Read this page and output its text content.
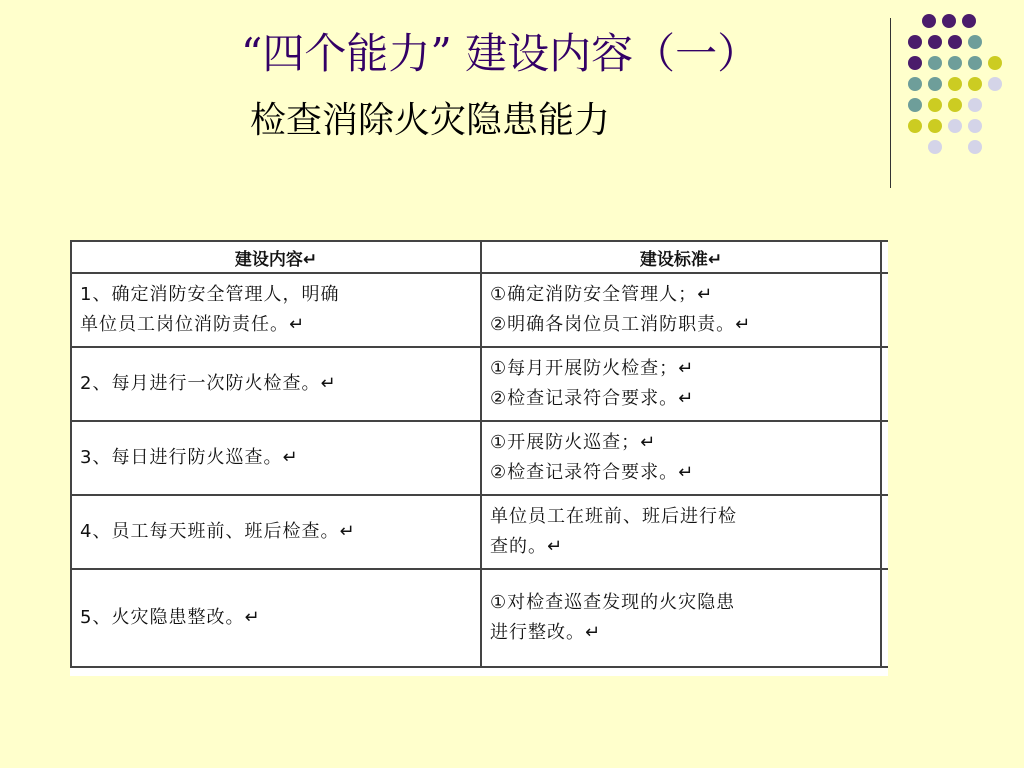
“四个能力” 建设内容（一）
检查消除火灾隐患能力
建设内容↵	建设标准↵	

1、确定消防安全管理人，明确
单位员工岗位消防责任。↵	①确定消防安全管理人；↵
②明确各岗位员工消防职责。↵	

2、每月进行一次防火检查。↵	①每月开展防火检查；↵
②检查记录符合要求。↵	

3、每日进行防火巡查。↵	①开展防火巡查；↵
②检查记录符合要求。↵	

4、员工每天班前、班后检查。↵	单位员工在班前、班后进行检
查的。↵	

5、火灾隐患整改。↵	①对检查巡查发现的火灾隐患
进行整改。↵	
